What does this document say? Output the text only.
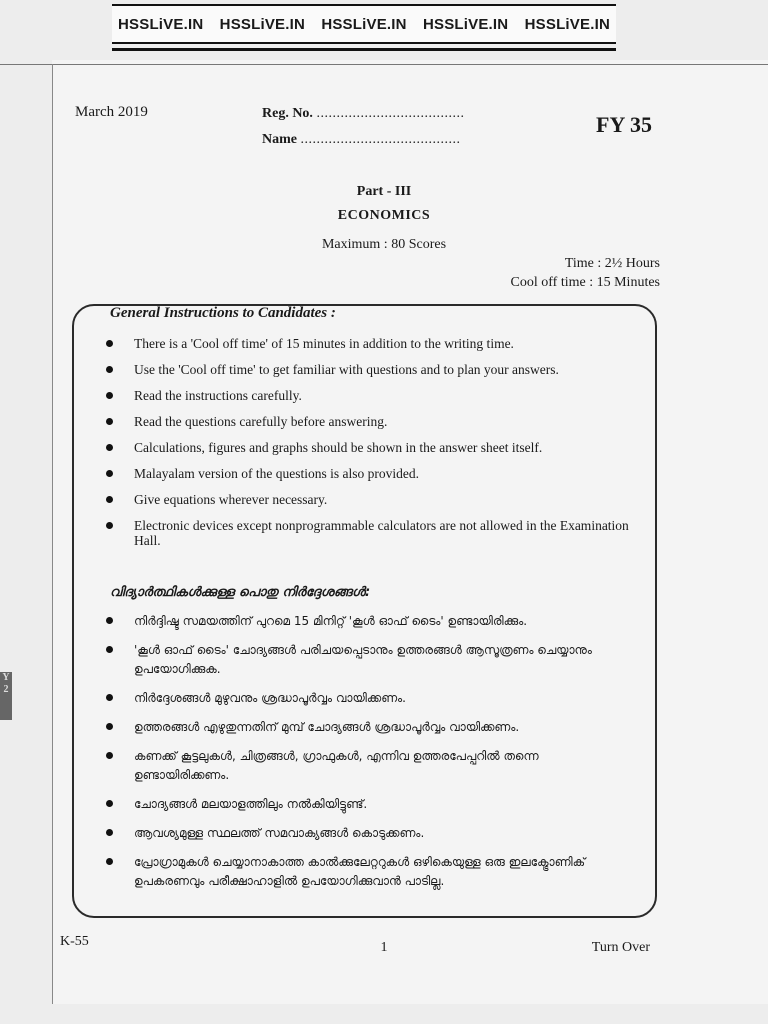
HSSLiVE.IN HSSLiVE.IN HSSLiVE.IN HSSLiVE.IN HSSLiVE.IN
Y 2
March 2019	Reg. No. .....................................
Name ........................................
FY 35
Part - III
ECONOMICS
Maximum : 80 Scores
Time : 2½ Hours
Cool off time : 15 Minutes
General Instructions to Candidates :
There is a 'Cool off time' of 15 minutes in addition to the writing time.
Use the 'Cool off time' to get familiar with questions and to plan your answers.
Read the instructions carefully.
Read the questions carefully before answering.
Calculations, figures and graphs should be shown in the answer sheet itself.
Malayalam version of the questions is also provided.
Give equations wherever necessary.
Electronic devices except nonprogrammable calculators are not allowed in the Examination Hall.
വിദ്യാർത്ഥികൾക്കുള്ള പൊതു നിർദ്ദേശങ്ങൾ:
നിർദ്ദിഷ്ട സമയത്തിന് പുറമെ 15 മിനിറ്റ് 'കൂൾ ഓഫ് ടൈം' ഉണ്ടായിരിക്കും.
'കൂൾ ഓഫ് ടൈം' ചോദ്യങ്ങൾ പരിചയപ്പെടാനും ഉത്തരങ്ങൾ ആസൂത്രണം ചെയ്യാനും ഉപയോഗിക്കുക.
നിർദ്ദേശങ്ങൾ മുഴുവനും ശ്രദ്ധാപൂർവ്വം വായിക്കണം.
ഉത്തരങ്ങൾ എഴുതുന്നതിന് മുമ്പ് ചോദ്യങ്ങൾ ശ്രദ്ധാപൂർവ്വം വായിക്കണം.
കണക്ക് കൂട്ടലുകൾ, ചിത്രങ്ങൾ, ഗ്രാഫുകൾ, എന്നിവ ഉത്തരപേപ്പറിൽ തന്നെ ഉണ്ടായിരിക്കണം.
ചോദ്യങ്ങൾ മലയാളത്തിലും നൽകിയിട്ടുണ്ട്.
ആവശ്യമുള്ള സ്ഥലത്ത് സമവാക്യങ്ങൾ കൊടുക്കണം.
പ്രോഗ്രാമുകൾ ചെയ്യാനാകാത്ത കാൽക്കുലേറ്ററുകൾ ഒഴികെയുള്ള ഒരു ഇലക്ട്രോണിക് ഉപകരണവും പരീക്ഷാഹാളിൽ ഉപയോഗിക്കുവാൻ പാടില്ല.
K-55	1	Turn Over
